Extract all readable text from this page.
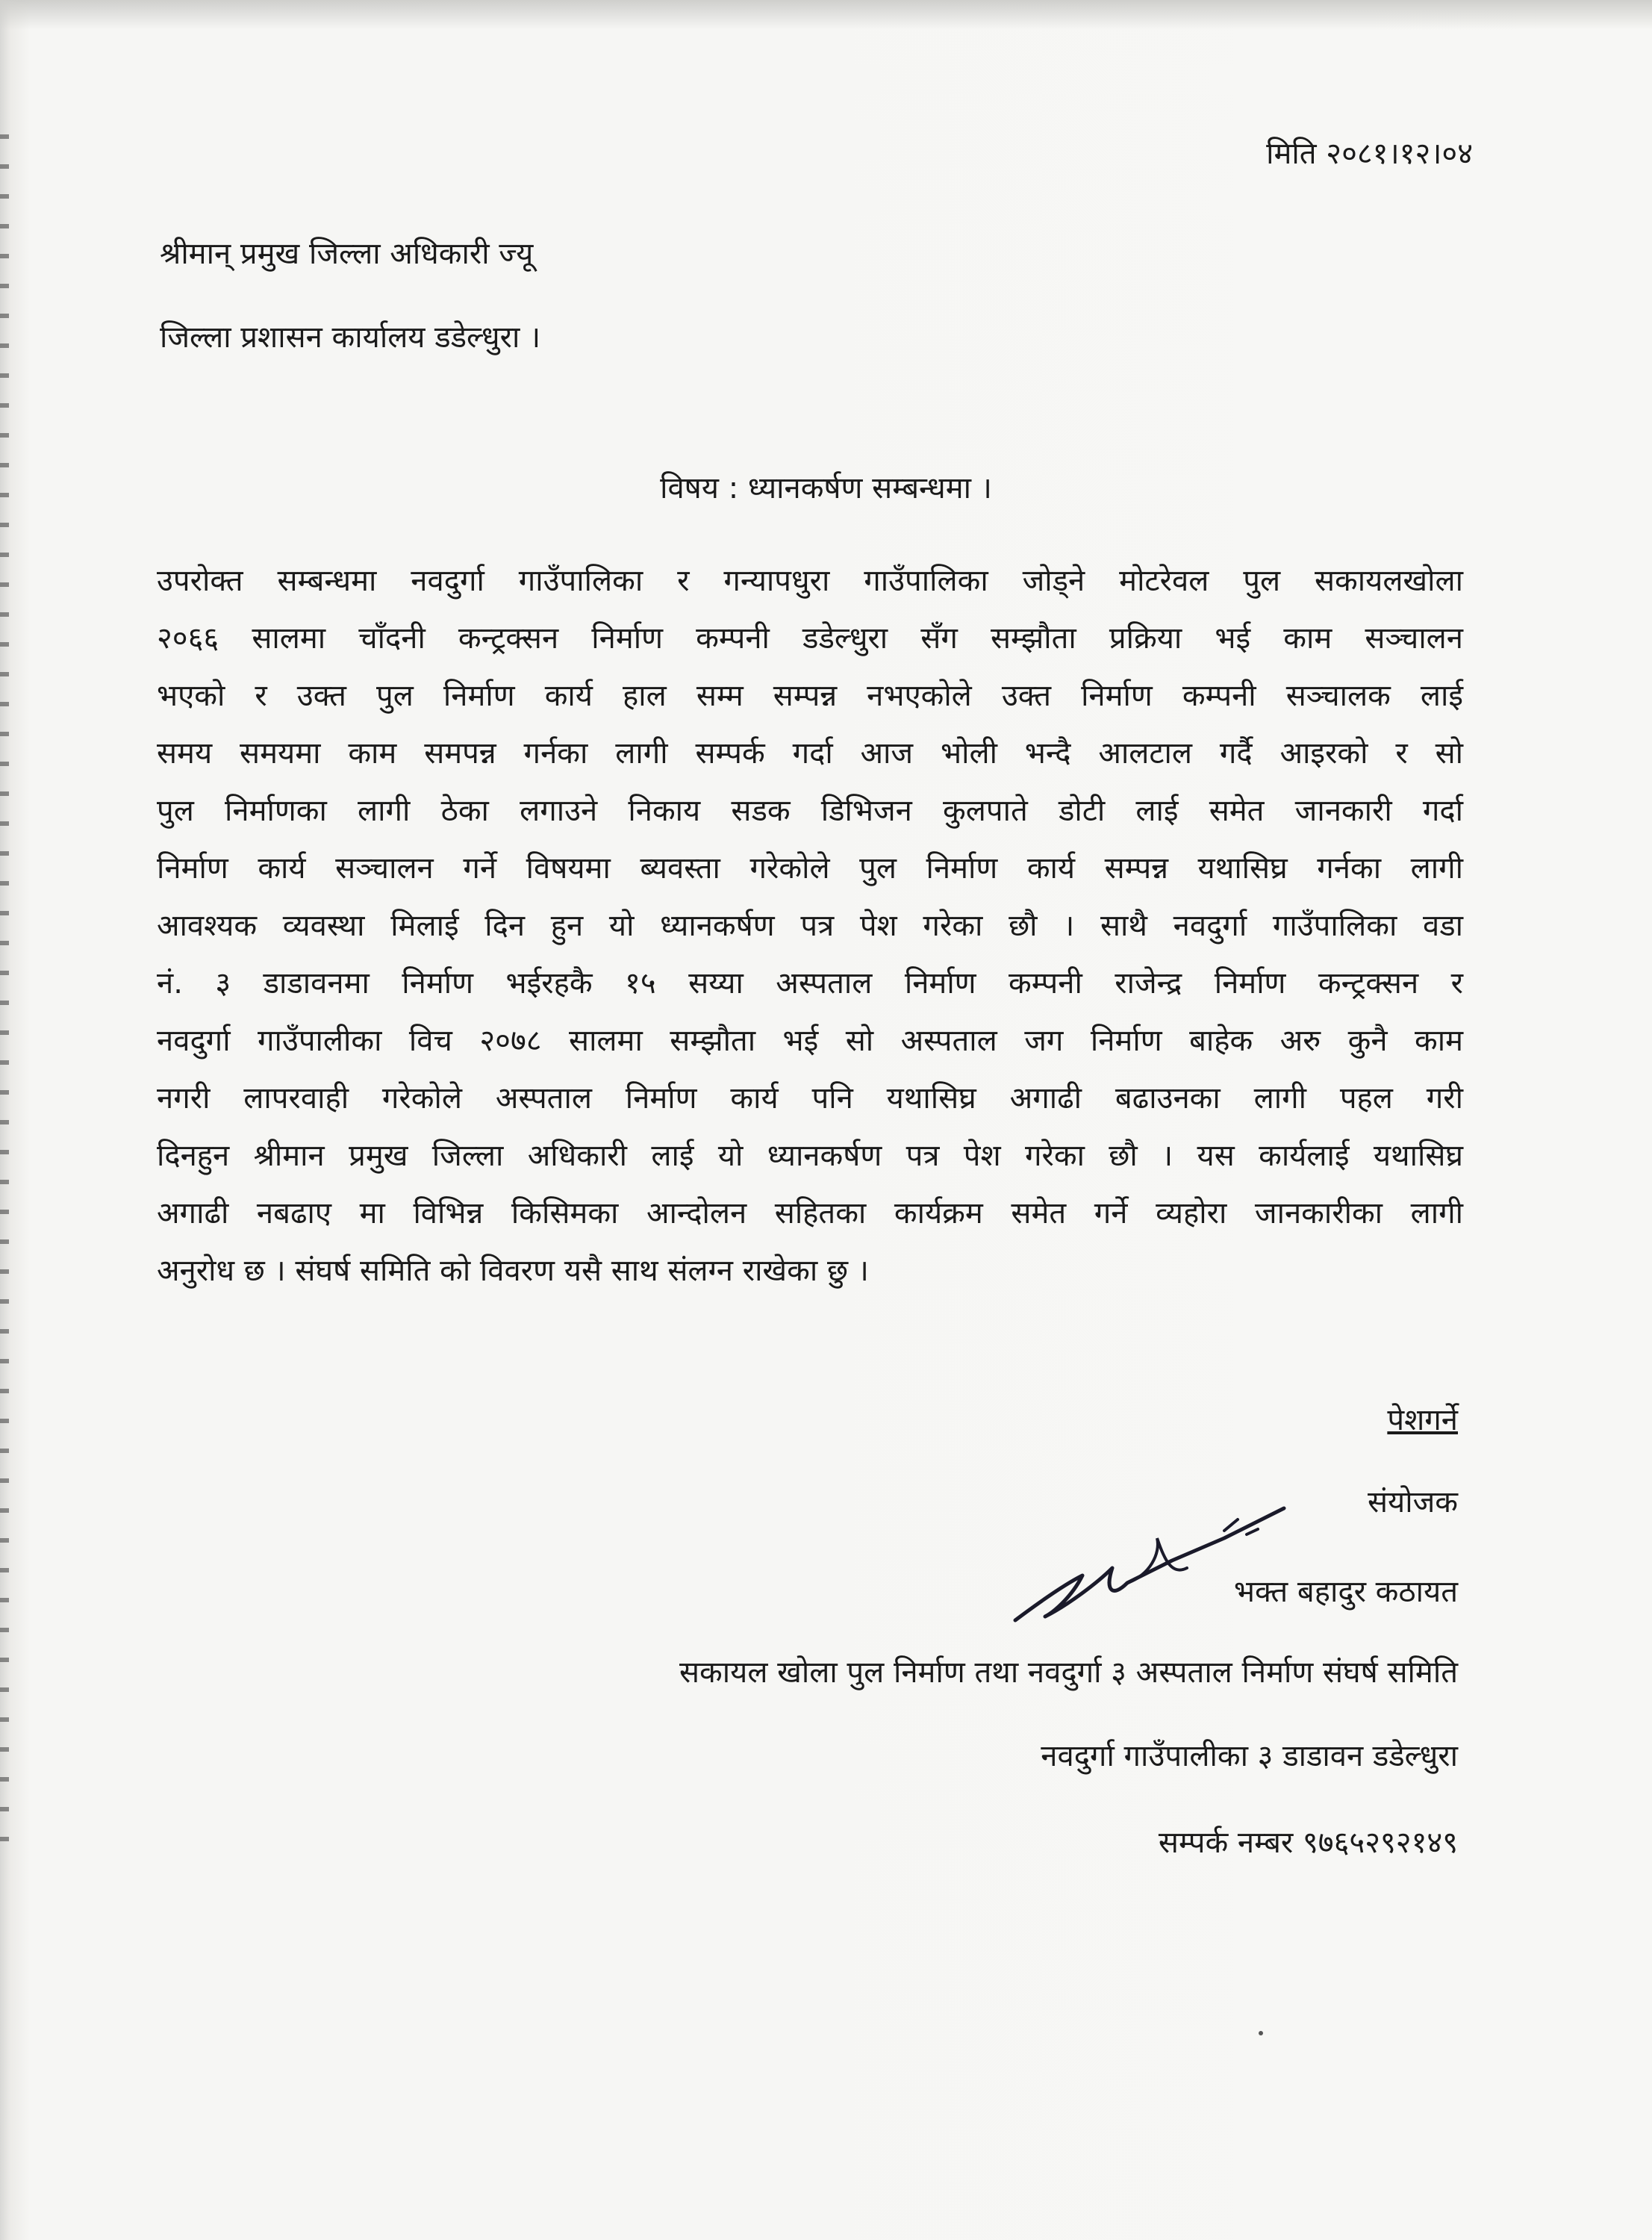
मिति २०८१।१२।०४
श्रीमान् प्रमुख जिल्ला अधिकारी ज्यू
जिल्ला प्रशासन कार्यालय डडेल्धुरा ।
विषय : ध्यानकर्षण सम्बन्धमा ।
उपरोक्त सम्बन्धमा नवदुर्गा गाउँपालिका र गन्यापधुरा गाउँपालिका जोड्ने मोटरेवल पुल सकायलखोला
२०६६ सालमा चाँदनी कन्ट्रक्सन निर्माण कम्पनी डडेल्धुरा सँग सम्झौता प्रक्रिया भई काम सञ्चालन
भएको र उक्त पुल निर्माण कार्य हाल सम्म सम्पन्न नभएकोले उक्त निर्माण कम्पनी सञ्चालक लाई
समय समयमा काम समपन्न गर्नका लागी सम्पर्क गर्दा आज भोली भन्दै आलटाल गर्दै आइरको र सो
पुल निर्माणका लागी ठेका लगाउने निकाय सडक डिभिजन कुलपाते डोटी लाई समेत जानकारी गर्दा
निर्माण कार्य सञ्चालन गर्ने विषयमा ब्यवस्ता गरेकोले पुल निर्माण कार्य सम्पन्न यथासिघ्र गर्नका लागी
आवश्यक व्यवस्था मिलाई दिन हुन यो ध्यानकर्षण पत्र पेश गरेका छौ । साथै नवदुर्गा गाउँपालिका वडा
नं. ३ डाडावनमा निर्माण भईरहकै १५ सय्या अस्पताल निर्माण कम्पनी राजेन्द्र निर्माण कन्ट्रक्सन र
नवदुर्गा गाउँपालीका विच २०७८ सालमा सम्झौता भई सो अस्पताल जग निर्माण बाहेक अरु कुनै काम
नगरी लापरवाही गरेकोले अस्पताल निर्माण कार्य पनि यथासिघ्र अगाढी बढाउनका लागी पहल गरी
दिनहुन श्रीमान प्रमुख जिल्ला अधिकारी लाई यो ध्यानकर्षण पत्र पेश गरेका छौ । यस कार्यलाई यथासिघ्र
अगाढी नबढाए मा विभिन्न किसिमका आन्दोलन सहितका कार्यक्रम समेत गर्ने व्यहोरा जानकारीका लागी
अनुरोध छ । संघर्ष समिति को विवरण यसै साथ संलग्न राखेका छु ।
पेशगर्ने
संयोजक
भक्त बहादुर कठायत
सकायल खोला पुल निर्माण तथा नवदुर्गा ३ अस्पताल निर्माण संघर्ष समिति
नवदुर्गा गाउँपालीका ३ डाडावन डडेल्धुरा
सम्पर्क नम्बर ९७६५२९२१४९
